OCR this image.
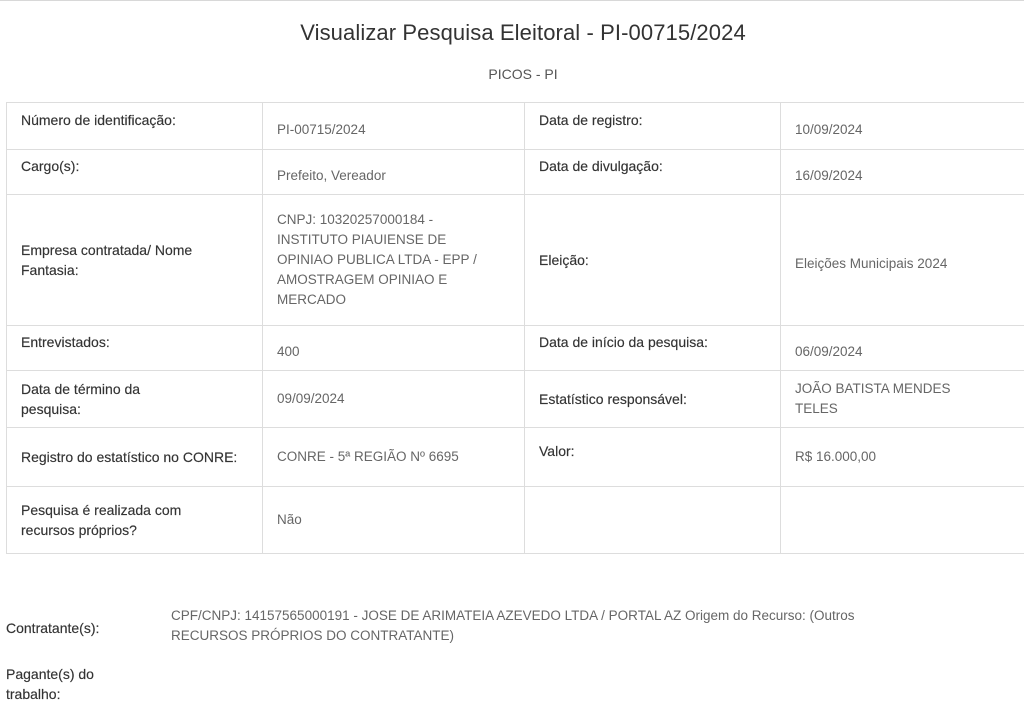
Visualizar Pesquisa Eleitoral - PI-00715/2024
PICOS - PI
Número de identificação:	PI-00715/2024	Data de registro:	10/09/2024
Cargo(s):	Prefeito, Vereador	Data de divulgação:	16/09/2024

Empresa contratada/ Nome Fantasia:	CNPJ: 10320257000184 - INSTITUTO PIAUIENSE DE OPINIAO PUBLICA LTDA - EPP / AMOSTRAGEM OPINIAO E MERCADO	Eleição:	Eleições Municipais 2024
Entrevistados:	400	Data de início da pesquisa:	06/09/2024

Data de término da pesquisa:	09/09/2024	Estatístico responsável:	JOÃO BATISTA MENDES TELES

Registro do estatístico no CONRE:	CONRE - 5ª REGIÃO Nº 6695	Valor:	R$ 16.000,00

Pesquisa é realizada com recursos próprios?	Não		
Contratante(s):
CPF/CNPJ: 14157565000191 - JOSE DE ARIMATEIA AZEVEDO LTDA / PORTAL AZ Origem do Recurso: (Outros
RECURSOS PRÓPRIOS DO CONTRATANTE)
Pagante(s) do trabalho:
